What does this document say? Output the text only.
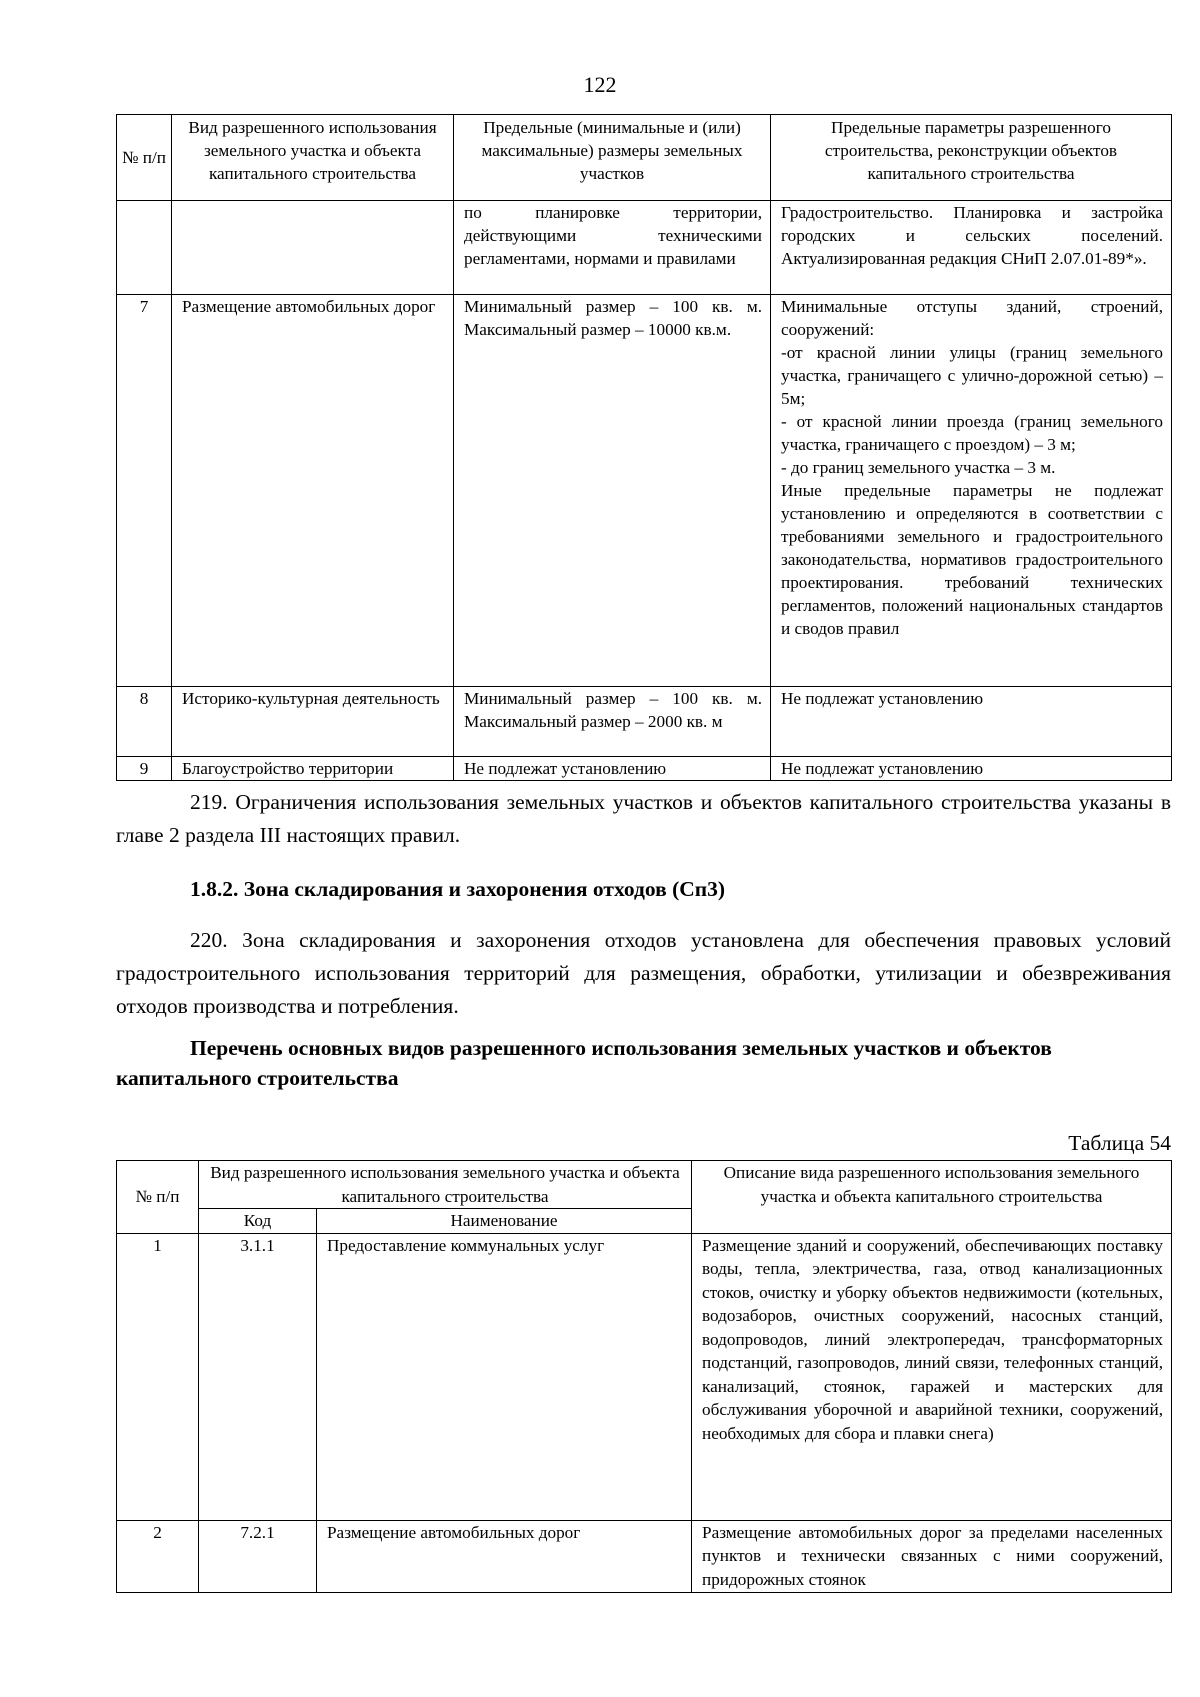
122
№ п/п	Вид разрешенного использования земельного участка и объекта капитального строительства	Предельные (минимальные и (или) максимальные) размеры земельных участков	Предельные параметры разрешенного строительства, реконструкции объектов капитального строительства
		по планировке территории, действующими техническими регламентами, нормами и правилами	Градостроительство. Планировка и застройка городских и сельских поселений. Актуализированная редакция СНиП 2.07.01-89*».
7	Размещение автомобильных дорог	Минимальный размер – 100 кв. м. Максимальный размер – 10000 кв.м.	Минимальные отступы зданий, строений, сооружений:
-от красной линии улицы (границ земельного участка, граничащего с улично-дорожной сетью) – 5м;
- от красной линии проезда (границ земельного участка, граничащего с проездом) – 3 м;
- до границ земельного участка – 3 м.
Иные предельные параметры не подлежат установлению и определяются в соответствии с требованиями земельного и градостроительного законодательства, нормативов градостроительного проектирования. требований технических регламентов, положений национальных стандартов и сводов правил
8	Историко-культурная деятельность	Минимальный размер – 100 кв. м. Максимальный размер – 2000 кв. м	Не подлежат установлению
9	Благоустройство территории	Не подлежат установлению	Не подлежат установлению

219. Ограничения использования земельных участков и объектов капитального строительства указаны в главе 2 раздела III настоящих правил.

1.8.2. Зона складирования и захоронения отходов (Сп3)

220. Зона складирования и захоронения отходов установлена для обеспечения правовых условий градостроительного использования территорий для размещения, обработки, утилизации и обезвреживания отходов производства и потребления.

Перечень основных видов разрешенного использования земельных участков и объектов капитального строительства
Таблица 54
№ п/п	Вид разрешенного использования земельного участка и объекта капитального строительства		Описание вида разрешенного использования земельного участка и объекта капитального строительства
	Код	Наименование	
1	3.1.1	Предоставление коммунальных услуг	Размещение зданий и сооружений, обеспечивающих поставку воды, тепла, электричества, газа, отвод канализационных стоков, очистку и уборку объектов недвижимости (котельных, водозаборов, очистных сооружений, насосных станций, водопроводов, линий электропередач, трансформаторных подстанций, газопроводов, линий связи, телефонных станций, канализаций, стоянок, гаражей и мастерских для обслуживания уборочной и аварийной техники, сооружений, необходимых для сбора и плавки снега)
2	7.2.1	Размещение автомобильных дорог	Размещение автомобильных дорог за пределами населенных пунктов и технически связанных с ними сооружений, придорожных стоянок
